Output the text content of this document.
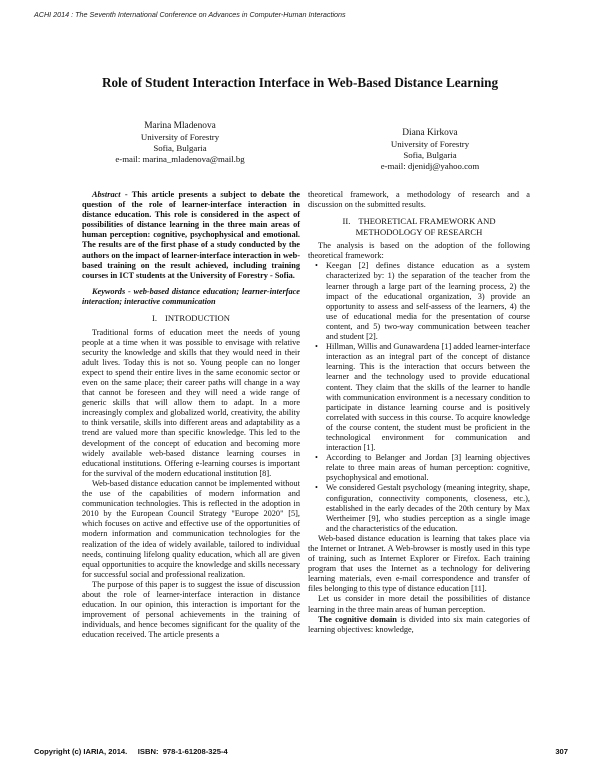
ACHI 2014 : The Seventh International Conference on Advances in Computer-Human Interactions
Role of Student Interaction Interface in Web-Based Distance Learning
Marina Mladenova
University of Forestry
Sofia, Bulgaria
e-mail: marina_mladenova@mail.bg
Diana Kirkova
University of Forestry
Sofia, Bulgaria
e-mail: djenidj@yahoo.com

Abstract - This article presents a subject to debate the question of the role of learner-interface interaction in distance education. This role is considered in the aspect of possibilities of distance learning in the three main areas of human perception: cognitive, psychophysical and emotional. The results are of the first phase of a study conducted by the authors on the impact of learner-interface interaction in web-based training on the result achieved, including training courses in ICT students at the University of Forestry - Sofia.

Keywords - web-based distance education; learner-interface interaction; interactive communication

I. INTRODUCTION

Traditional forms of education meet the needs of young people at a time when it was possible to envisage with relative security the knowledge and skills that they would need in their adult lives. Today this is not so. Young people can no longer expect to spend their entire lives in the same economic sector or even on the same place; their career paths will change in a way that cannot be foreseen and they will need a wide range of generic skills that will allow them to adapt. In a more increasingly complex and globalized world, creativity, the ability to think versatile, skills into different areas and adaptability as a trend are valued more than specific knowledge. This led to the development of the concept of education and becoming more widely available web-based distance learning courses in educational institutions. Offering e-learning courses is important for the survival of the modern educational institution [8].

Web-based distance education cannot be implemented without the use of the capabilities of modern information and communication technologies. This is reflected in the adoption in 2010 by the European Council Strategy "Europe 2020" [5], which focuses on active and effective use of the opportunities of modern information and communication technologies for the realization of the idea of widely available, tailored to individual needs, continuing lifelong quality education, which all are given equal opportunities to acquire the knowledge and skills necessary for successful social and professional realization.

The purpose of this paper is to suggest the issue of discussion about the role of learner-interface interaction in distance education. In our opinion, this interaction is important for the improvement of personal achievements in the training of individuals, and hence becomes significant for the quality of the education received. The article presents a

theoretical framework, a methodology of research and a discussion on the submitted results.

II. THEORETICAL FRAMEWORK AND
METHODOLOGY OF RESEARCH

The analysis is based on the adoption of the following theoretical framework:

• Keegan [2] defines distance education as a system characterized by: 1) the separation of the teacher from the learner through a large part of the learning process, 2) the impact of the educational organization, 3) provide an opportunity to assess and self-assess of the learners, 4) the use of educational media for the presentation of course content, and 5) two-way communication between teacher and student [2].
• Hillman, Willis and Gunawardena [1] added learner-interface interaction as an integral part of the concept of distance learning. This is the interaction that occurs between the learner and the technology used to provide educational content. They claim that the skills of the learner to handle with communication environment is a necessary condition to participate in distance learning course and is positively correlated with success in this course. To acquire knowledge of the course content, the student must be proficient in the technological environment for communication and interaction [1].
• According to Belanger and Jordan [3] learning objectives relate to three main areas of human perception: cognitive, psychophysical and emotional.
• We considered Gestalt psychology (meaning integrity, shape, configuration, connectivity components, closeness, etc.), established in the early decades of the 20th century by Max Wertheimer [9], who studies perception as a single image and the characteristics of the education.

Web-based distance education is learning that takes place via the Internet or Intranet. A Web-browser is mostly used in this type of training, such as Internet Explorer or Firefox. Each training program that uses the Internet as a technology for delivering learning materials, even e-mail correspondence and transfer of files belonging to this type of distance education [11].

Let us consider in more detail the possibilities of distance learning in the three main areas of human perception.

The cognitive domain is divided into six main categories of learning objectives: knowledge,

Copyright (c) IARIA, 2014.     ISBN:  978-1-61208-325-4	307
